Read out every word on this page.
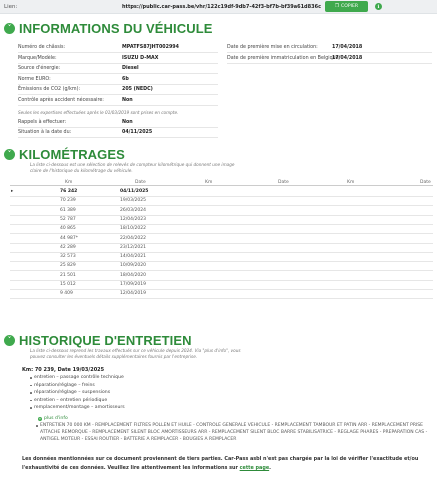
Lien:	https://public.car-pass.be/vhr/122c19df-9db7-42f3-bf7b-bf39a61d836c	❐ COPIER	i
˅ INFORMATIONS DU VÉHICULE
Numéro de châssis:	MPATFS87JHT002994
Marque/Modèle:	ISUZU D-MAX
Source d'énergie:	Diesel
Norme EURO:	6b
Émissions de CO2 (g/km):	205 (NEDC)
Contrôle après accident nécessaire:	Non
Date de première mise en circulation:	17/04/2018
Date de première immatriculation en Belgique:
17/04/2018
Seules les expertises effectuées après le 01/03/2019 sont prises en compte.
Rappels à effectuer:	Non
Situation à la date du:	04/11/2025
˅ KILOMÉTRAGES
La liste ci-dessous est une sélection de relevés de compteur kilométrique qui donnent une image
claire de l'historique du kilométrage du véhicule.
Km	Date	Km	Date	Km	Date
▸	76 242	04/11/2025
70 239	19/03/2025
61 389	26/03/2024
52 787	12/04/2023
40 865	18/10/2022
44 987*	22/04/2022
42 289	23/12/2021
32 573	14/04/2021
25 829	10/09/2020
21 501	18/04/2020
15 012	17/09/2019
9 409	12/04/2019
˅ HISTORIQUE D'ENTRETIEN
La liste ci-dessous reprend les travaux effectués sur ce véhicule depuis 2024. Via "plus d'info", vous
pouvez consulter les éventuels détails supplémentaires fournis par l'entreprise.
Km: 70 239, Date 19/03/2025
entretien – passage contrôle technique
réparation/réglage – freins
réparation/réglage – suspensions
entretien – entretien périodique
remplacement/montage – amortisseurs
+ plus d'info
ENTRETIEN 70 000 KM - REMPLACEMENT FILTRES POLLEN ET HUILE - CONTROLE GENERALE VEHICULE - REMPLACEMENT TAMBOUR ET PATIN ARR - REMPLACEMENT PRISE ATTACHE REMORQUE - REMPLACEMENT SILENT BLOC AMORTISSEURS ARR - REMPLACEMENT SILENT BLOC BARRE STABILISATRICE - REGLAGE PHARES - PREPARATION CAS - ANTIGEL MOTEUR - ESSAI ROUTIER - BATTERIE A REMPLACER - BOUGIES A REMPLACER
Les données mentionnées sur ce document proviennent de tiers parties. Car-Pass asbl n'est pas chargée par la loi de vérifier l'exactitude et/ou l'exhaustivité de ces données. Veuillez lire attentivement les informations sur cette page.
